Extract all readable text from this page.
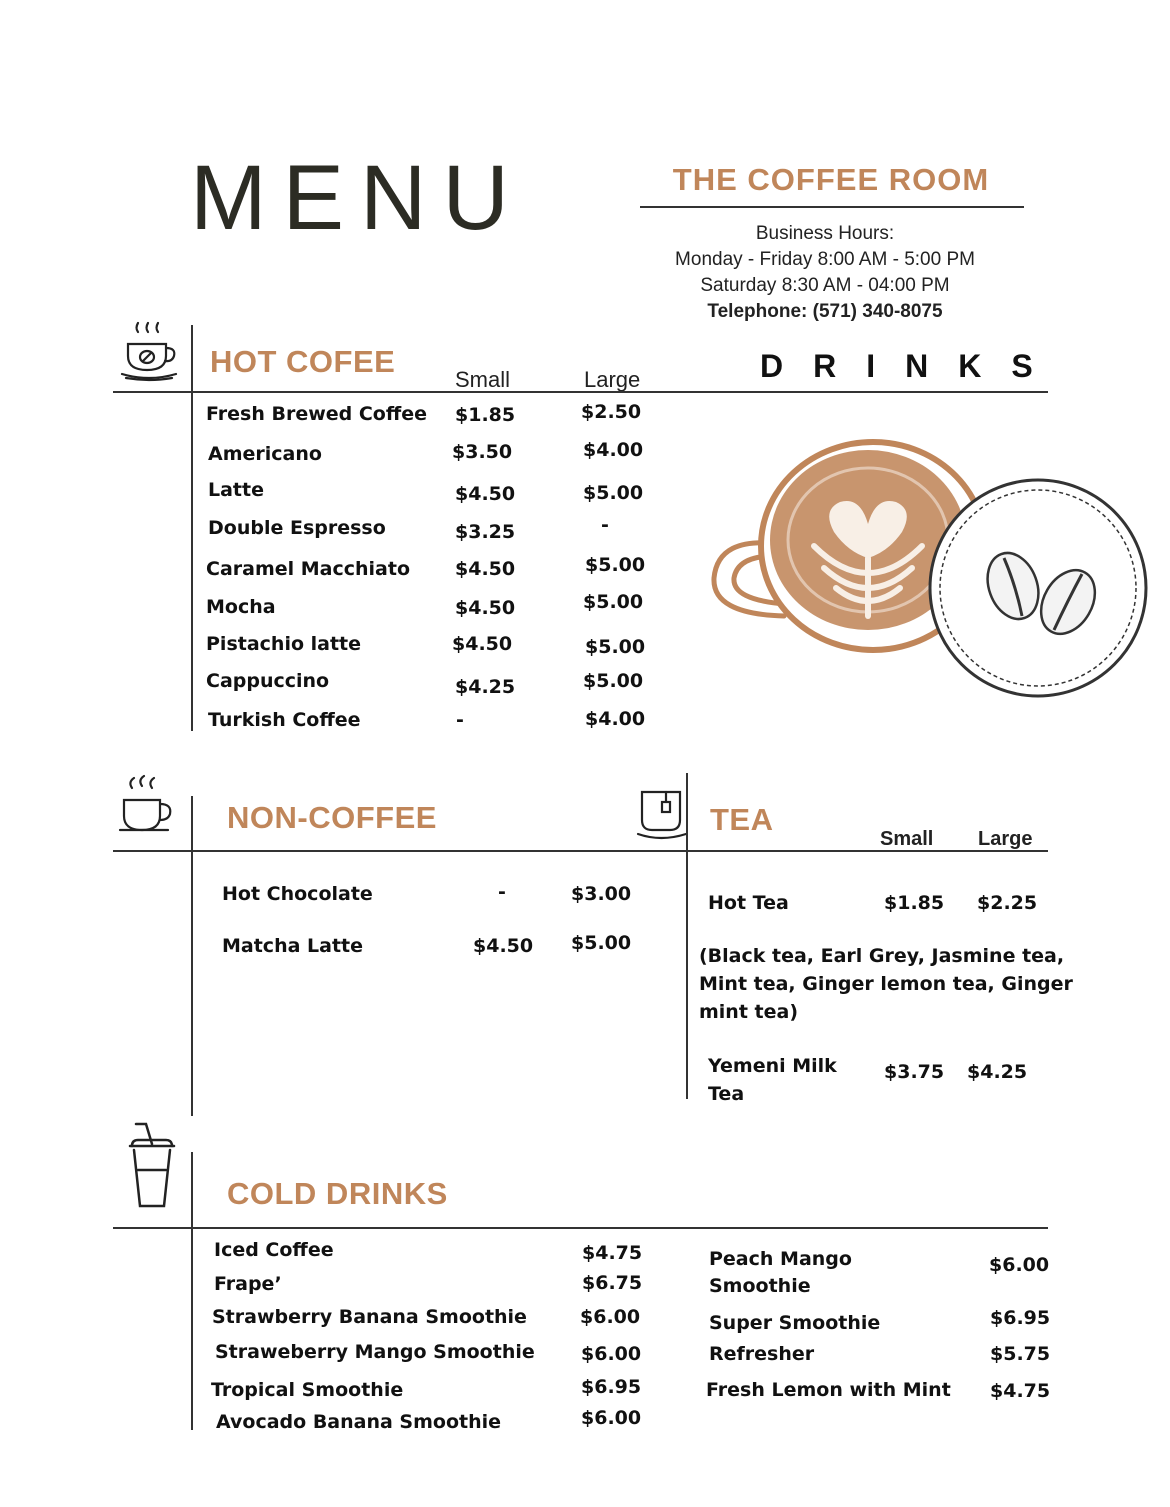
MENU	THE COFFEE ROOM
Business Hours:
Monday - Friday 8:00 AM - 5:00 PM
Saturday 8:30 AM - 04:00 PM
Telephone: (571) 340-8075
HOT COFEE
Small	Large	DRINKS
Fresh Brewed Coffee $1.85	$2.50
Americano	$3.50	$4.00
Latte	$4.50	$5.00
Double Espresso	$3.25	-
Caramel Macchiato $4.50	$5.00
Mocha	$4.50	$5.00
Pistachio latte	$4.50	$5.00
Cappuccino	$4.25	$5.00
Turkish Coffee	-	$4.00
NON-COFFEE
Hot Chocolate	-	$3.00
Matcha Latte	$4.50 $5.00
TEA
Small Large
Hot Tea	$1.85 $2.25
(Black tea, Earl Grey, Jasmine tea,
Mint tea, Ginger lemon tea, Ginger
mint tea)
Yemeni Milk
Tea
$3.75 $4.25
COLD DRINKS
Iced Coffee	$4.75
Frape’	$6.75
Strawberry Banana Smoothie	$6.00
Straweberry Mango Smoothie $6.00
Tropical Smoothie	$6.95
Avocado Banana Smoothie	$6.00
Peach Mango
Smoothie
$6.00
Super Smoothie	$6.95
Refresher	$5.75
Fresh Lemon with Mint $4.75
